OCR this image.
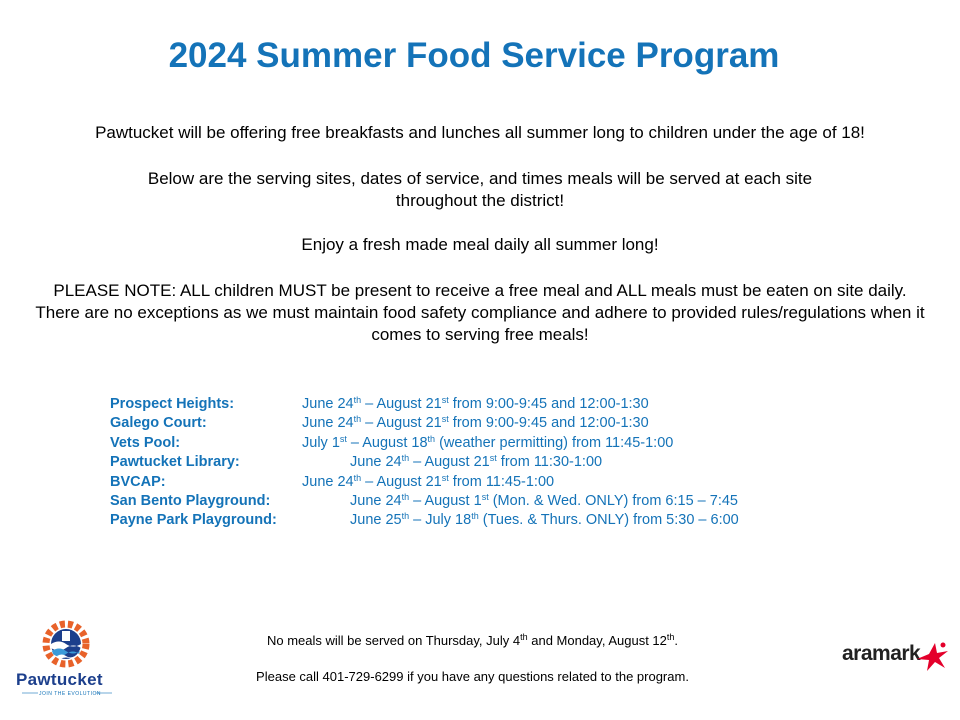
2024 Summer Food Service Program

Pawtucket will be offering free breakfasts and lunches all summer long to children under the age of 18!

Below are the serving sites, dates of service, and times meals will be served at each site throughout the district!

Enjoy a fresh made meal daily all summer long!

PLEASE NOTE: ALL children MUST be present to receive a free meal and ALL meals must be eaten on site daily. There are no exceptions as we must maintain food safety compliance and adhere to provided rules/regulations when it comes to serving free meals!

Prospect Heights:	June 24th – August 21st from 9:00-9:45 and 12:00-1:30
Galego Court:	June 24th – August 21st from 9:00-9:45 and 12:00-1:30
Vets Pool:	July 1st – August 18th (weather permitting) from 11:45-1:00
Pawtucket Library:	June 24th – August 21st from 11:30-1:00
BVCAP:	June 24th – August 21st from 11:45-1:00
San Bento Playground:	June 24th – August 1st (Mon. & Wed. ONLY) from 6:15 – 7:45
Payne Park Playground:	June 25th – July 18th (Tues. & Thurs. ONLY) from 5:30 – 6:00

No meals will be served on Thursday, July 4th and Monday, August 12th.

Please call 401-729-6299 if you have any questions related to the program.

Pawtucket
JOIN THE EVOLUTION
aramark
